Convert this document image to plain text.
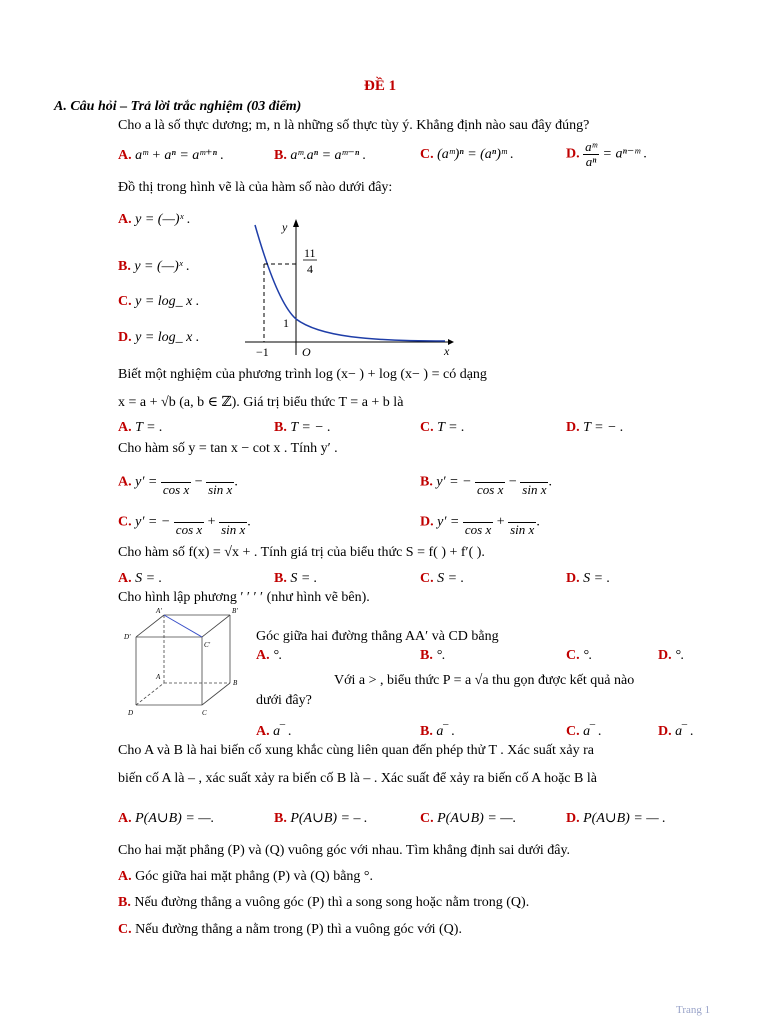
ĐỀ 1
A. Câu hỏi – Trả lời trắc nghiệm (03 điểm)
Cho a là số thực dương; m, n là những số thực tùy ý. Khẳng định nào sau đây đúng?
A. aᵐ + aⁿ = aᵐ⁺ⁿ .	B. aᵐ.aⁿ = aᵐ⁻ⁿ .	C. (aᵐ)ⁿ = (aⁿ)ᵐ .	D. $\frac{\text{aᵐ}}{\text{aⁿ}}$ = aⁿ⁻ᵐ .
Đồ thị trong hình vẽ là của hàm số nào dưới đây:
A. y = (—)ˣ .
B. y = (—)ˣ .
C. y = log_ x .
D. y = log_ x .
y
x
O
−1
1
11
4
Biết một nghiệm của phương trình log (x− ) + log (x− ) = có dạng
x = a + √b (a, b ∈ ℤ). Giá trị biểu thức T = a + b là
A. T = .	B. T = − .	C. T = .	D. T = − .
Cho hàm số y = tan x − cot x . Tính y′ .
A. y′ =
cos x −
sin x .	B. y′ = −
cos x −
sin x .
C. y′ = −
cos x +
sin x .	D. y′ =
cos x +
sin x .
Cho hàm số f(x) = √x + . Tính giá trị của biểu thức S = f( ) + f′( ).
A. S = .	B. S = .	C. S = .	D. S = .
Cho hình lập phương ′ ′ ′ ′ (như hình vẽ bên).
A'	B'
D'
C'
A
B
C
D
Góc giữa hai đường thẳng AA′ và CD bằng
A. °.	B. °.	C. °.	D. °.
Với a > , biểu thức P = a √a thu gọn được kết quả nào
dưới đây?
A. a‾ .	B. a‾ .	C. a‾ .	D. a‾ .
Cho A và B là hai biến cố xung khắc cùng liên quan đến phép thử T . Xác suất xảy ra
biến cố A là – , xác suất xảy ra biến cố B là – . Xác suất để xảy ra biến cố A hoặc B là
A. P(A∪B) = —.	B. P(A∪B) = – .	C. P(A∪B) = —.	D. P(A∪B) = — .
Cho hai mặt phẳng (P) và (Q) vuông góc với nhau. Tìm khẳng định sai dưới đây.
A. Góc giữa hai mặt phẳng (P) và (Q) bằng °.
B. Nếu đường thẳng a vuông góc (P) thì a song song hoặc nằm trong (Q).
C. Nếu đường thẳng a nằm trong (P) thì a vuông góc với (Q).
Trang 1
